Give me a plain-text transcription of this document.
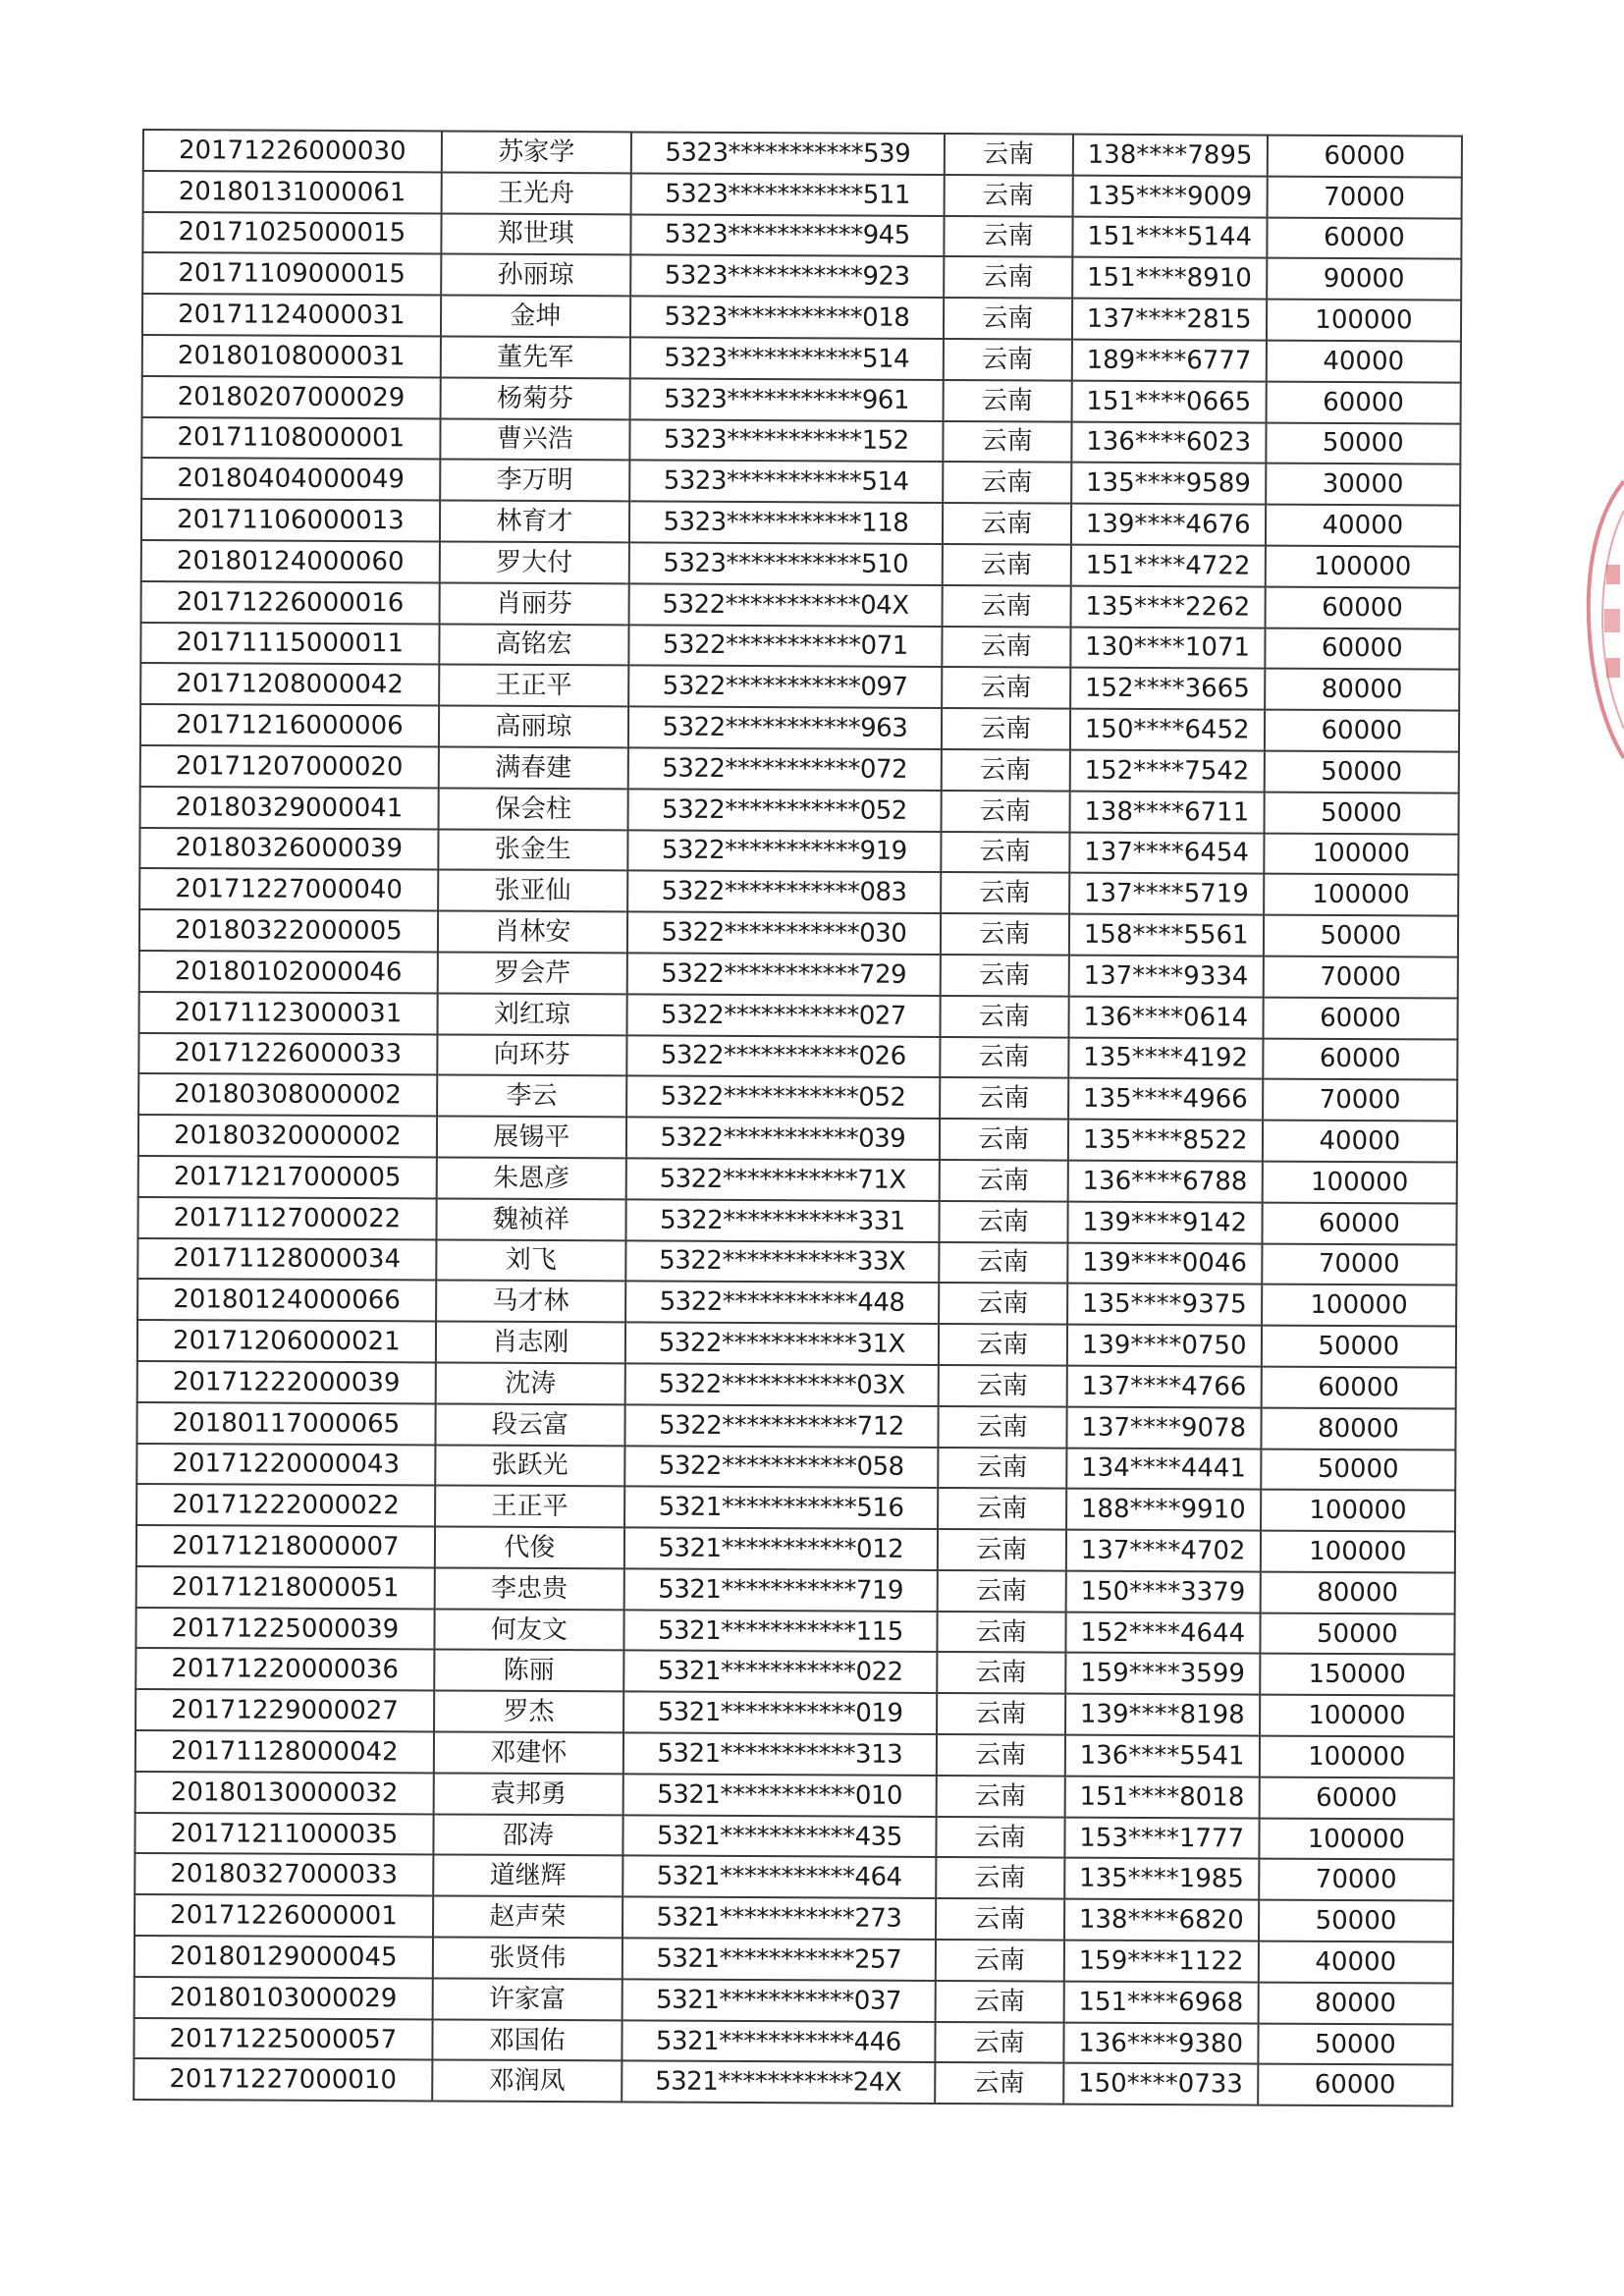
20171226000030	苏家学	5323***********539	云南	138****7895	60000
20180131000061	王光舟	5323***********511	云南	135****9009	70000
20171025000015	郑世琪	5323***********945	云南	151****5144	60000
20171109000015	孙丽琼	5323***********923	云南	151****8910	90000
20171124000031	金坤	5323***********018	云南	137****2815	100000
20180108000031	董先军	5323***********514	云南	189****6777	40000
20180207000029	杨菊芬	5323***********961	云南	151****0665	60000
20171108000001	曹兴浩	5323***********152	云南	136****6023	50000
20180404000049	李万明	5323***********514	云南	135****9589	30000
20171106000013	林育才	5323***********118	云南	139****4676	40000
20180124000060	罗大付	5323***********510	云南	151****4722	100000
20171226000016	肖丽芬	5322***********04X	云南	135****2262	60000
20171115000011	高铭宏	5322***********071	云南	130****1071	60000
20171208000042	王正平	5322***********097	云南	152****3665	80000
20171216000006	高丽琼	5322***********963	云南	150****6452	60000
20171207000020	满春建	5322***********072	云南	152****7542	50000
20180329000041	保会柱	5322***********052	云南	138****6711	50000
20180326000039	张金生	5322***********919	云南	137****6454	100000
20171227000040	张亚仙	5322***********083	云南	137****5719	100000
20180322000005	肖林安	5322***********030	云南	158****5561	50000
20180102000046	罗会芹	5322***********729	云南	137****9334	70000
20171123000031	刘红琼	5322***********027	云南	136****0614	60000
20171226000033	向环芬	5322***********026	云南	135****4192	60000
20180308000002	李云	5322***********052	云南	135****4966	70000
20180320000002	展锡平	5322***********039	云南	135****8522	40000
20171217000005	朱恩彦	5322***********71X	云南	136****6788	100000
20171127000022	魏祯祥	5322***********331	云南	139****9142	60000
20171128000034	刘飞	5322***********33X	云南	139****0046	70000
20180124000066	马才林	5322***********448	云南	135****9375	100000
20171206000021	肖志刚	5322***********31X	云南	139****0750	50000
20171222000039	沈涛	5322***********03X	云南	137****4766	60000
20180117000065	段云富	5322***********712	云南	137****9078	80000
20171220000043	张跃光	5322***********058	云南	134****4441	50000
20171222000022	王正平	5321***********516	云南	188****9910	100000
20171218000007	代俊	5321***********012	云南	137****4702	100000
20171218000051	李忠贵	5321***********719	云南	150****3379	80000
20171225000039	何友文	5321***********115	云南	152****4644	50000
20171220000036	陈丽	5321***********022	云南	159****3599	150000
20171229000027	罗杰	5321***********019	云南	139****8198	100000
20171128000042	邓建怀	5321***********313	云南	136****5541	100000
20180130000032	袁邦勇	5321***********010	云南	151****8018	60000
20171211000035	邵涛	5321***********435	云南	153****1777	100000
20180327000033	道继辉	5321***********464	云南	135****1985	70000
20171226000001	赵声荣	5321***********273	云南	138****6820	50000
20180129000045	张贤伟	5321***********257	云南	159****1122	40000
20180103000029	许家富	5321***********037	云南	151****6968	80000
20171225000057	邓国佑	5321***********446	云南	136****9380	50000
20171227000010	邓润凤	5321***********24X	云南	150****0733	60000
